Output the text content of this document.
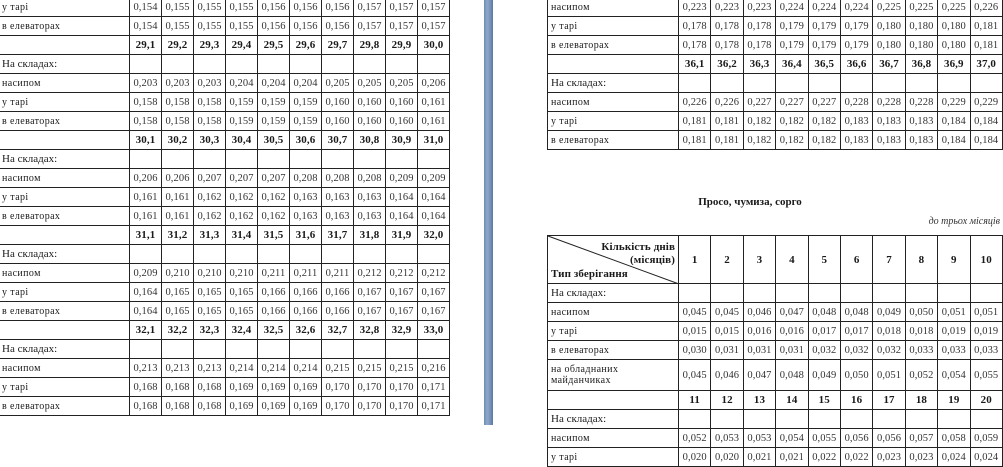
у тарі	0,154	0,155	0,155	0,155	0,156	0,156	0,156	0,157	0,157	0,157
в елеваторах	0,154	0,155	0,155	0,155	0,156	0,156	0,156	0,157	0,157	0,157
	29,1	29,2	29,3	29,4	29,5	29,6	29,7	29,8	29,9	30,0
На складах:										
насипом	0,203	0,203	0,203	0,204	0,204	0,204	0,205	0,205	0,205	0,206
у тарі	0,158	0,158	0,158	0,159	0,159	0,159	0,160	0,160	0,160	0,161
в елеваторах	0,158	0,158	0,158	0,159	0,159	0,159	0,160	0,160	0,160	0,161
	30,1	30,2	30,3	30,4	30,5	30,6	30,7	30,8	30,9	31,0
На складах:										
насипом	0,206	0,206	0,207	0,207	0,207	0,208	0,208	0,208	0,209	0,209
у тарі	0,161	0,161	0,162	0,162	0,162	0,163	0,163	0,163	0,164	0,164
в елеваторах	0,161	0,161	0,162	0,162	0,162	0,163	0,163	0,163	0,164	0,164
	31,1	31,2	31,3	31,4	31,5	31,6	31,7	31,8	31,9	32,0
На складах:										
насипом	0,209	0,210	0,210	0,210	0,211	0,211	0,211	0,212	0,212	0,212
у тарі	0,164	0,165	0,165	0,165	0,166	0,166	0,166	0,167	0,167	0,167
в елеваторах	0,164	0,165	0,165	0,165	0,166	0,166	0,166	0,167	0,167	0,167
	32,1	32,2	32,3	32,4	32,5	32,6	32,7	32,8	32,9	33,0
На складах:										
насипом	0,213	0,213	0,213	0,214	0,214	0,214	0,215	0,215	0,215	0,216
у тарі	0,168	0,168	0,168	0,169	0,169	0,169	0,170	0,170	0,170	0,171
в елеваторах	0,168	0,168	0,168	0,169	0,169	0,169	0,170	0,170	0,170	0,171
насипом	0,223	0,223	0,223	0,224	0,224	0,224	0,225	0,225	0,225	0,226
у тарі	0,178	0,178	0,178	0,179	0,179	0,179	0,180	0,180	0,180	0,181
в елеваторах	0,178	0,178	0,178	0,179	0,179	0,179	0,180	0,180	0,180	0,181
	36,1	36,2	36,3	36,4	36,5	36,6	36,7	36,8	36,9	37,0
На складах:										
насипом	0,226	0,226	0,227	0,227	0,227	0,228	0,228	0,228	0,229	0,229
у тарі	0,181	0,181	0,182	0,182	0,182	0,183	0,183	0,183	0,184	0,184
в елеваторах	0,181	0,181	0,182	0,182	0,182	0,183	0,183	0,183	0,184	0,184
Просо, чумиза, сорго
до трьох місяців
Кількість днів
(місяців)
Тип зберігання	1	2	3	4	5	6	7	8	9	10
На складах:										
насипом	0,045	0,045	0,046	0,047	0,048	0,048	0,049	0,050	0,051	0,051
у тарі	0,015	0,015	0,016	0,016	0,017	0,017	0,018	0,018	0,019	0,019
в елеваторах	0,030	0,031	0,031	0,031	0,032	0,032	0,032	0,033	0,033	0,033
на обладнаних майданчиках	0,045	0,046	0,047	0,048	0,049	0,050	0,051	0,052	0,054	0,055
	11	12	13	14	15	16	17	18	19	20
На складах:										
насипом	0,052	0,053	0,053	0,054	0,055	0,056	0,056	0,057	0,058	0,059
у тарі	0,020	0,020	0,021	0,021	0,022	0,022	0,023	0,023	0,024	0,024
